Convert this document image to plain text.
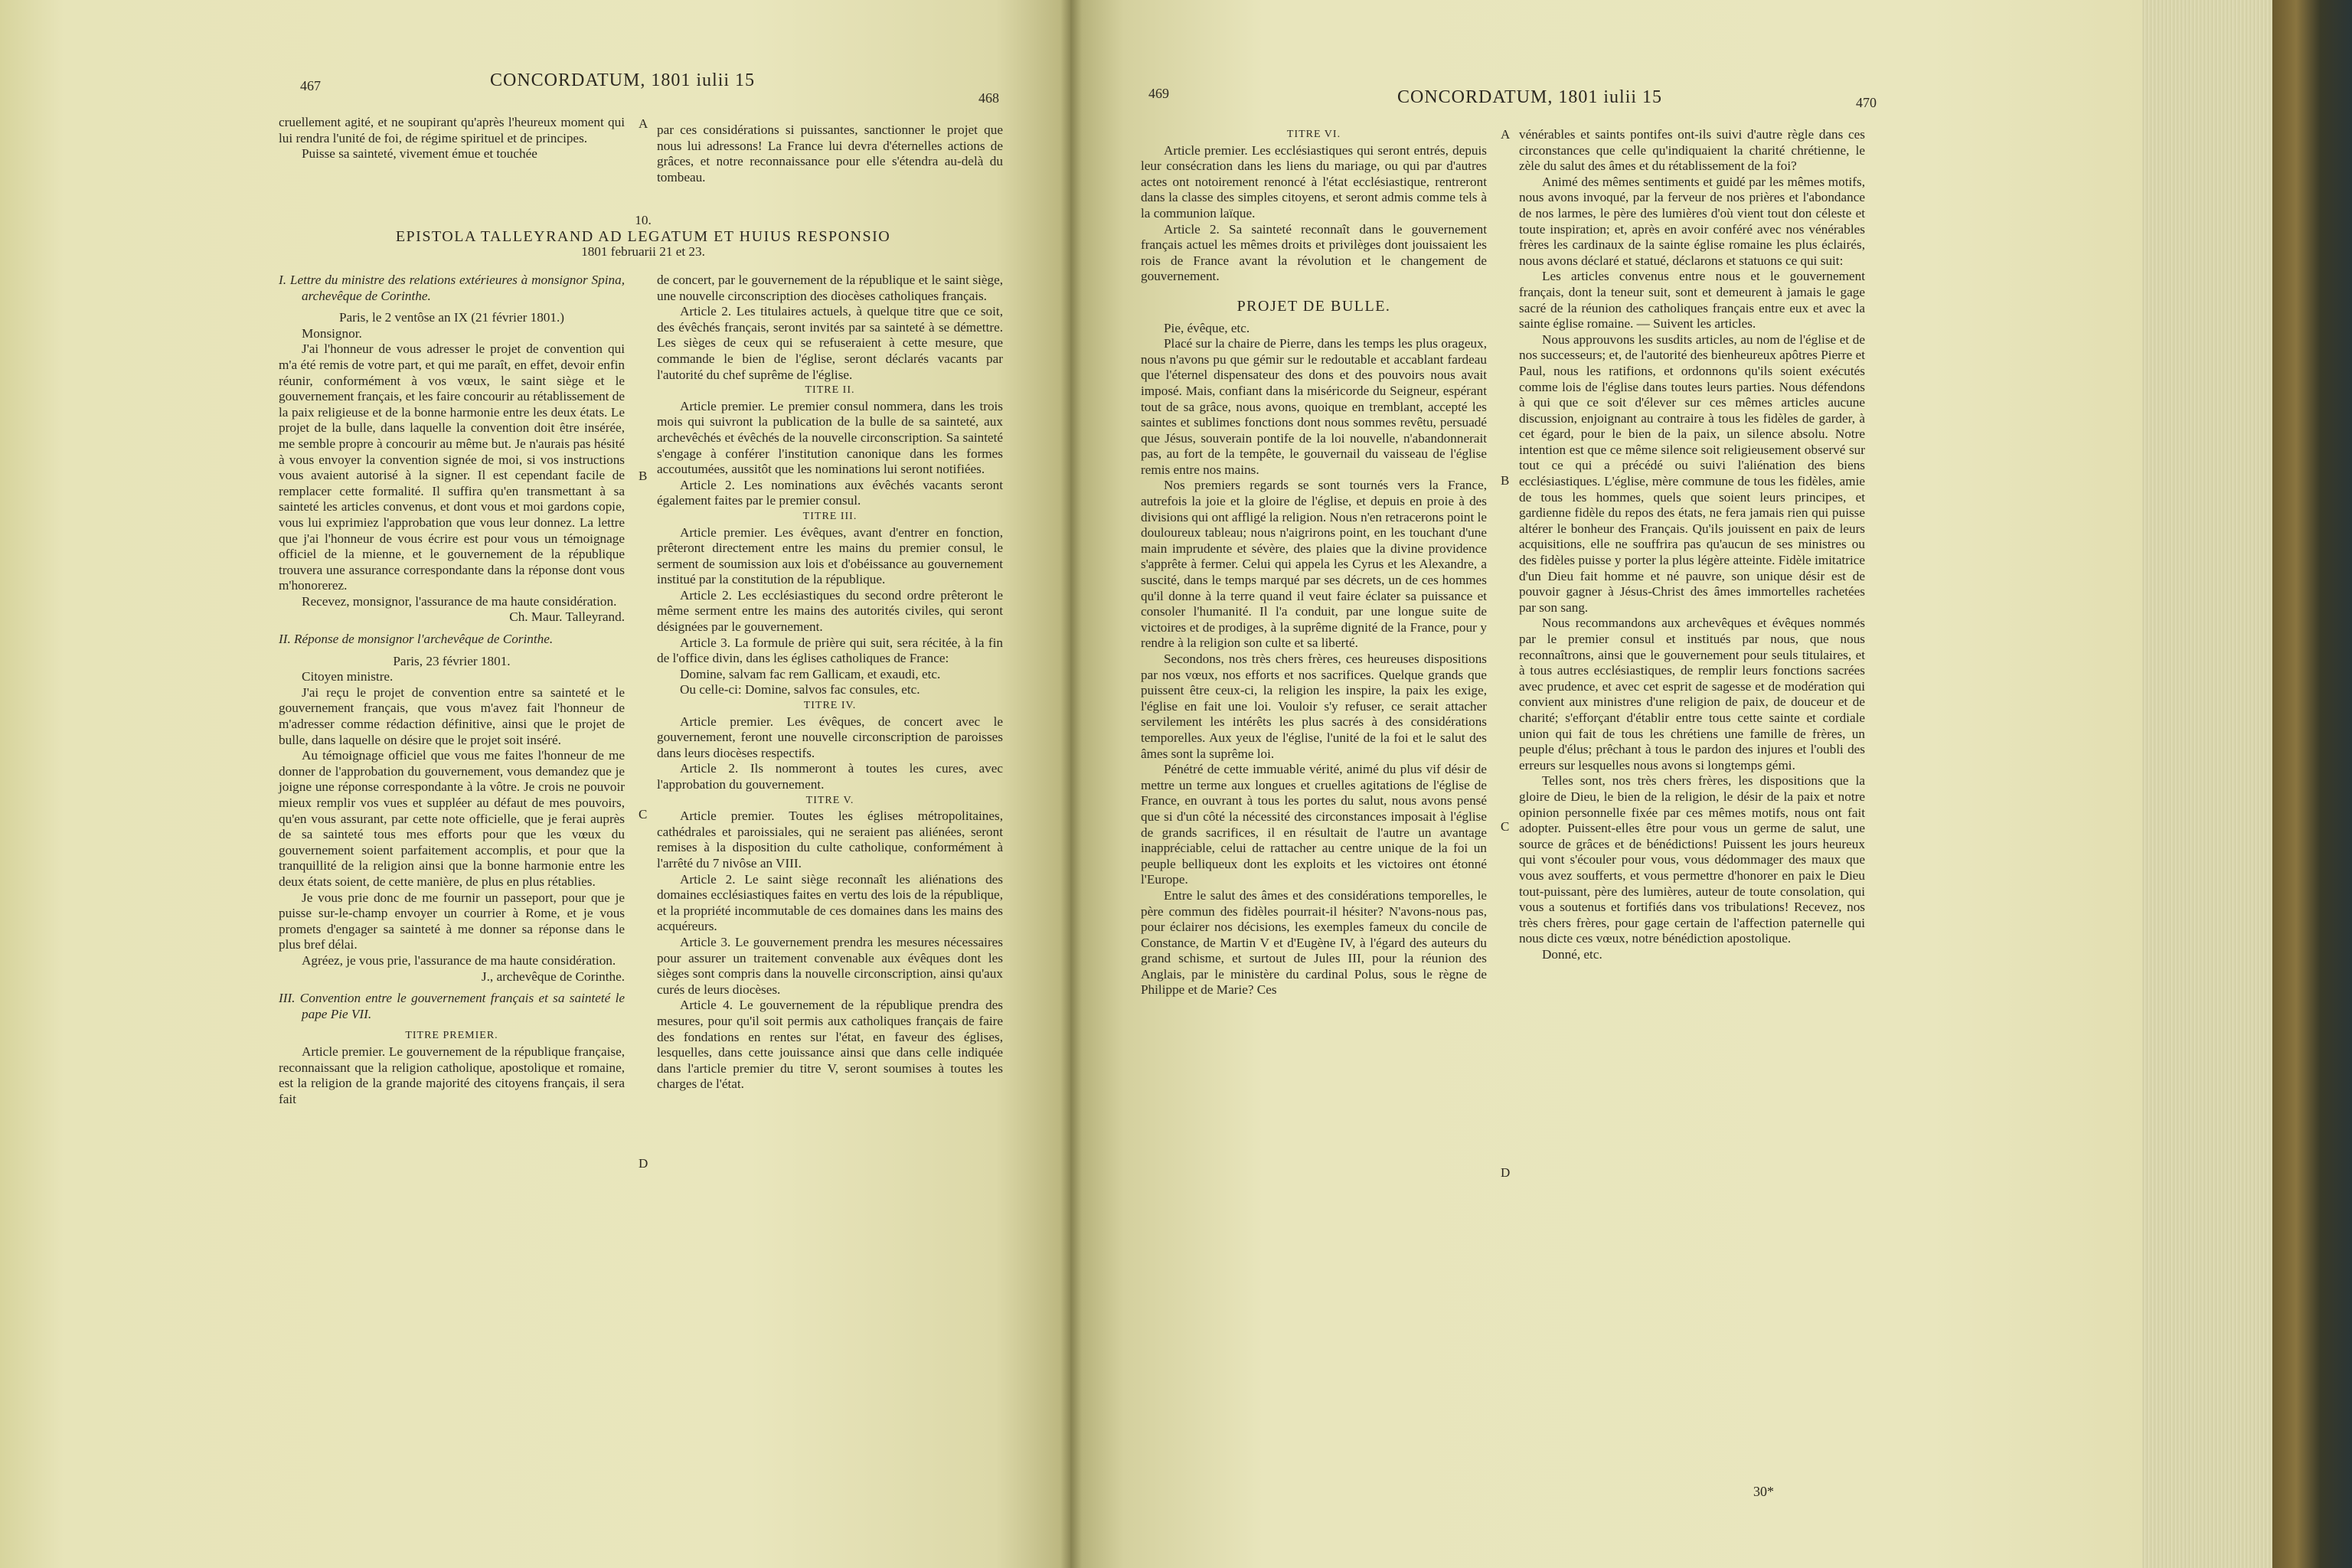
467	CONCORDATUM, 1801 iulii 15
468

cruellement agité, et ne soupirant qu'après l'heureux moment qui lui rendra l'unité de foi, de régime spirituel et de principes.

Puisse sa sainteté, vivement émue et touchée

par ces considérations si puissantes, sanctionner le projet que nous lui adressons! La France lui devra d'éternelles actions de grâces, et notre reconnaissance pour elle s'étendra au-delà du tombeau.

10.
EPISTOLA TALLEYRAND AD LEGATUM ET HUIUS RESPONSIO
1801 februarii 21 et 23.

I. Lettre du ministre des relations extérieures à monsignor Spina, archevêque de Corinthe.

Paris, le 2 ventôse an IX (21 février 1801.)

Monsignor.

J'ai l'honneur de vous adresser le projet de convention qui m'a été remis de votre part, et qui me paraît, en effet, devoir enfin réunir, conformément à vos vœux, le saint siège et le gouvernement français, et les faire concourir au rétablissement de la paix religieuse et de la bonne harmonie entre les deux états. Le projet de la bulle, dans laquelle la convention doit être insérée, me semble propre à concourir au même but. Je n'aurais pas hésité à vous envoyer la convention signée de moi, si vos instructions vous avaient autorisé à la signer. Il est cependant facile de remplacer cette formalité. Il suffira qu'en transmettant à sa sainteté les articles convenus, et dont vous et moi gardons copie, vous lui exprimiez l'approbation que vous leur donnez. La lettre que j'ai l'honneur de vous écrire est pour vous un témoignage officiel de la mienne, et le gouvernement de la république trouvera une assurance correspondante dans la réponse dont vous m'honorerez.

Recevez, monsignor, l'assurance de ma haute considération.

Ch. Maur. Talleyrand.

II. Réponse de monsignor l'archevêque de Corinthe.

Paris, 23 février 1801.

Citoyen ministre.

J'ai reçu le projet de convention entre sa sainteté et le gouvernement français, que vous m'avez fait l'honneur de m'adresser comme rédaction définitive, ainsi que le projet de bulle, dans laquelle on désire que le projet soit inséré.

Au témoignage officiel que vous me faites l'honneur de me donner de l'approbation du gouvernement, vous demandez que je joigne une réponse correspondante à la vôtre. Je crois ne pouvoir mieux remplir vos vues et suppléer au défaut de mes pouvoirs, qu'en vous assurant, par cette note officielle, que je ferai auprès de sa sainteté tous mes efforts pour que les vœux du gouvernement soient parfaitement accomplis, et pour que la tranquillité de la religion ainsi que la bonne harmonie entre les deux états soient, de cette manière, de plus en plus rétablies.

Je vous prie donc de me fournir un passeport, pour que je puisse sur-le-champ envoyer un courrier à Rome, et je vous promets d'engager sa sainteté à me donner sa réponse dans le plus bref délai.

Agréez, je vous prie, l'assurance de ma haute considération.

J., archevêque de Corinthe.

III. Convention entre le gouvernement français et sa sainteté le pape Pie VII.

TITRE PREMIER.

Article premier. Le gouvernement de la république française, reconnaissant que la religion catholique, apostolique et romaine, est la religion de la grande majorité des citoyens français, il sera fait

de concert, par le gouvernement de la république et le saint siège, une nouvelle circonscription des diocèses catholiques français.

Article 2. Les titulaires actuels, à quelque titre que ce soit, des évêchés français, seront invités par sa sainteté à se démettre. Les sièges de ceux qui se refuseraient à cette mesure, que commande le bien de l'église, seront déclarés vacants par l'autorité du chef suprême de l'église.

TITRE II.

Article premier. Le premier consul nommera, dans les trois mois qui suivront la publication de la bulle de sa sainteté, aux archevêchés et évêchés de la nouvelle circonscription. Sa sainteté s'engage à conférer l'institution canonique dans les formes accoutumées, aussitôt que les nominations lui seront notifiées.

Article 2. Les nominations aux évêchés vacants seront également faites par le premier consul.

TITRE III.

Article premier. Les évêques, avant d'entrer en fonction, prêteront directement entre les mains du premier consul, le serment de soumission aux lois et d'obéissance au gouvernement institué par la constitution de la république.

Article 2. Les ecclésiastiques du second ordre prêteront le même serment entre les mains des autorités civiles, qui seront désignées par le gouvernement.

Article 3. La formule de prière qui suit, sera récitée, à la fin de l'office divin, dans les églises catholiques de France:

Domine, salvam fac rem Gallicam, et exaudi, etc.

Ou celle-ci: Domine, salvos fac consules, etc.

TITRE IV.

Article premier. Les évêques, de concert avec le gouvernement, feront une nouvelle circonscription de paroisses dans leurs diocèses respectifs.

Article 2. Ils nommeront à toutes les cures, avec l'approbation du gouvernement.

TITRE V.

Article premier. Toutes les églises métropolitaines, cathédrales et paroissiales, qui ne seraient pas aliénées, seront remises à la disposition du culte catholique, conformément à l'arrêté du 7 nivôse an VIII.

Article 2. Le saint siège reconnaît les aliénations des domaines ecclésiastiques faites en vertu des lois de la république, et la propriété incommutable de ces domaines dans les mains des acquéreurs.

Article 3. Le gouvernement prendra les mesures nécessaires pour assurer un traitement convenable aux évêques dont les sièges sont compris dans la nouvelle circonscription, ainsi qu'aux curés de leurs diocèses.

Article 4. Le gouvernement de la république prendra des mesures, pour qu'il soit permis aux catholiques français de faire des fondations en rentes sur l'état, en faveur des églises, lesquelles, dans cette jouissance ainsi que dans celle indiquée dans l'article premier du titre V, seront soumises à toutes les charges de l'état.

A
B
C
D
469	CONCORDATUM, 1801 iulii 15	470

TITRE VI.

Article premier. Les ecclésiastiques qui seront entrés, depuis leur consécration dans les liens du mariage, ou qui par d'autres actes ont notoirement renoncé à l'état ecclésiastique, rentreront dans la classe des simples citoyens, et seront admis comme tels à la communion laïque.

Article 2. Sa sainteté reconnaît dans le gouvernement français actuel les mêmes droits et privilèges dont jouissaient les rois de France avant la révolution et le changement de gouvernement.

PROJET DE BULLE.

Pie, évêque, etc.

Placé sur la chaire de Pierre, dans les temps les plus orageux, nous n'avons pu que gémir sur le redoutable et accablant fardeau que l'éternel dispensateur des dons et des pouvoirs nous avait imposé. Mais, confiant dans la miséricorde du Seigneur, espérant tout de sa grâce, nous avons, quoique en tremblant, accepté les saintes et sublimes fonctions dont nous sommes revêtu, persuadé que Jésus, souverain pontife de la loi nouvelle, n'abandonnerait pas, au fort de la tempête, le gouvernail du vaisseau de l'église remis entre nos mains.

Nos premiers regards se sont tournés vers la France, autrefois la joie et la gloire de l'église, et depuis en proie à des divisions qui ont affligé la religion. Nous n'en retracerons point le douloureux tableau; nous n'aigrirons point, en les touchant d'une main imprudente et sévère, des plaies que la divine providence s'apprête à fermer. Celui qui appela les Cyrus et les Alexandre, a suscité, dans le temps marqué par ses décrets, un de ces hommes qu'il donne à la terre quand il veut faire éclater sa puissance et consoler l'humanité. Il l'a conduit, par une longue suite de victoires et de prodiges, à la suprême dignité de la France, pour y rendre à la religion son culte et sa liberté.

Secondons, nos très chers frères, ces heureuses dispositions par nos vœux, nos efforts et nos sacrifices. Quelque grands que puissent être ceux-ci, la religion les inspire, la paix les exige, l'église en fait une loi. Vouloir s'y refuser, ce serait attacher servilement les intérêts les plus sacrés à des considérations temporelles. Aux yeux de l'église, l'unité de la foi et le salut des âmes sont la suprême loi.

Pénétré de cette immuable vérité, animé du plus vif désir de mettre un terme aux longues et cruelles agitations de l'église de France, en ouvrant à tous les portes du salut, nous avons pensé que si d'un côté la nécessité des circonstances imposait à l'église de grands sacrifices, il en résultait de l'autre un avantage inappréciable, celui de rattacher au centre unique de la foi un peuple belliqueux dont les exploits et les victoires ont étonné l'Europe.

Entre le salut des âmes et des considérations temporelles, le père commun des fidèles pourrait-il hésiter? N'avons-nous pas, pour éclairer nos décisions, les exemples fameux du concile de Constance, de Martin V et d'Eugène IV, à l'égard des auteurs du grand schisme, et surtout de Jules III, pour la réunion des Anglais, par le ministère du cardinal Polus, sous le règne de Philippe et de Marie? Ces

vénérables et saints pontifes ont-ils suivi d'autre règle dans ces circonstances que celle qu'indiquaient la charité chrétienne, le zèle du salut des âmes et du rétablissement de la foi?

Animé des mêmes sentiments et guidé par les mêmes motifs, nous avons invoqué, par la ferveur de nos prières et l'abondance de nos larmes, le père des lumières d'où vient tout don céleste et toute inspiration; et, après en avoir conféré avec nos vénérables frères les cardinaux de la sainte église romaine les plus éclairés, nous avons déclaré et statué, déclarons et statuons ce qui suit:

Les articles convenus entre nous et le gouvernement français, dont la teneur suit, sont et demeurent à jamais le gage sacré de la réunion des catholiques français entre eux et avec la sainte église romaine. — Suivent les articles.

Nous approuvons les susdits articles, au nom de l'église et de nos successeurs; et, de l'autorité des bienheureux apôtres Pierre et Paul, nous les ratifions, et ordonnons qu'ils soient exécutés comme lois de l'église dans toutes leurs parties. Nous défendons à qui que ce soit d'élever sur ces mêmes articles aucune discussion, enjoignant au contraire à tous les fidèles de garder, à cet égard, pour le bien de la paix, un silence absolu. Notre intention est que ce même silence soit religieusement observé sur tout ce qui a précédé ou suivi l'aliénation des biens ecclésiastiques. L'église, mère commune de tous les fidèles, amie de tous les hommes, quels que soient leurs principes, et gardienne fidèle du repos des états, ne fera jamais rien qui puisse altérer le bonheur des Français. Qu'ils jouissent en paix de leurs acquisitions, elle ne souffrira pas qu'aucun de ses ministres ou des fidèles puisse y porter la plus légère atteinte. Fidèle imitatrice d'un Dieu fait homme et né pauvre, son unique désir est de pouvoir gagner à Jésus-Christ des âmes immortelles rachetées par son sang.

Nous recommandons aux archevêques et évêques nommés par le premier consul et institués par nous, que nous reconnaîtrons, ainsi que le gouvernement pour seuls titulaires, et à tous autres ecclésiastiques, de remplir leurs fonctions sacrées avec prudence, et avec cet esprit de sagesse et de modération qui convient aux ministres d'une religion de paix, de douceur et de charité; s'efforçant d'établir entre tous cette sainte et cordiale union qui fait de tous les chrétiens une famille de frères, un peuple d'élus; prêchant à tous le pardon des injures et l'oubli des erreurs sur lesquelles nous avons si longtemps gémi.

Telles sont, nos très chers frères, les dispositions que la gloire de Dieu, le bien de la religion, le désir de la paix et notre opinion personnelle fixée par ces mêmes motifs, nous ont fait adopter. Puissent-elles être pour vous un germe de salut, une source de grâces et de bénédictions! Puissent les jours heureux qui vont s'écouler pour vous, vous dédommager des maux que vous avez soufferts, et vous permettre d'honorer en paix le Dieu tout-puissant, père des lumières, auteur de toute consolation, qui vous a soutenus et fortifiés dans vos tribulations! Recevez, nos très chers frères, pour gage certain de l'affection paternelle qui nous dicte ces vœux, notre bénédiction apostolique.

Donné, etc.

30*
A
B
C
D
